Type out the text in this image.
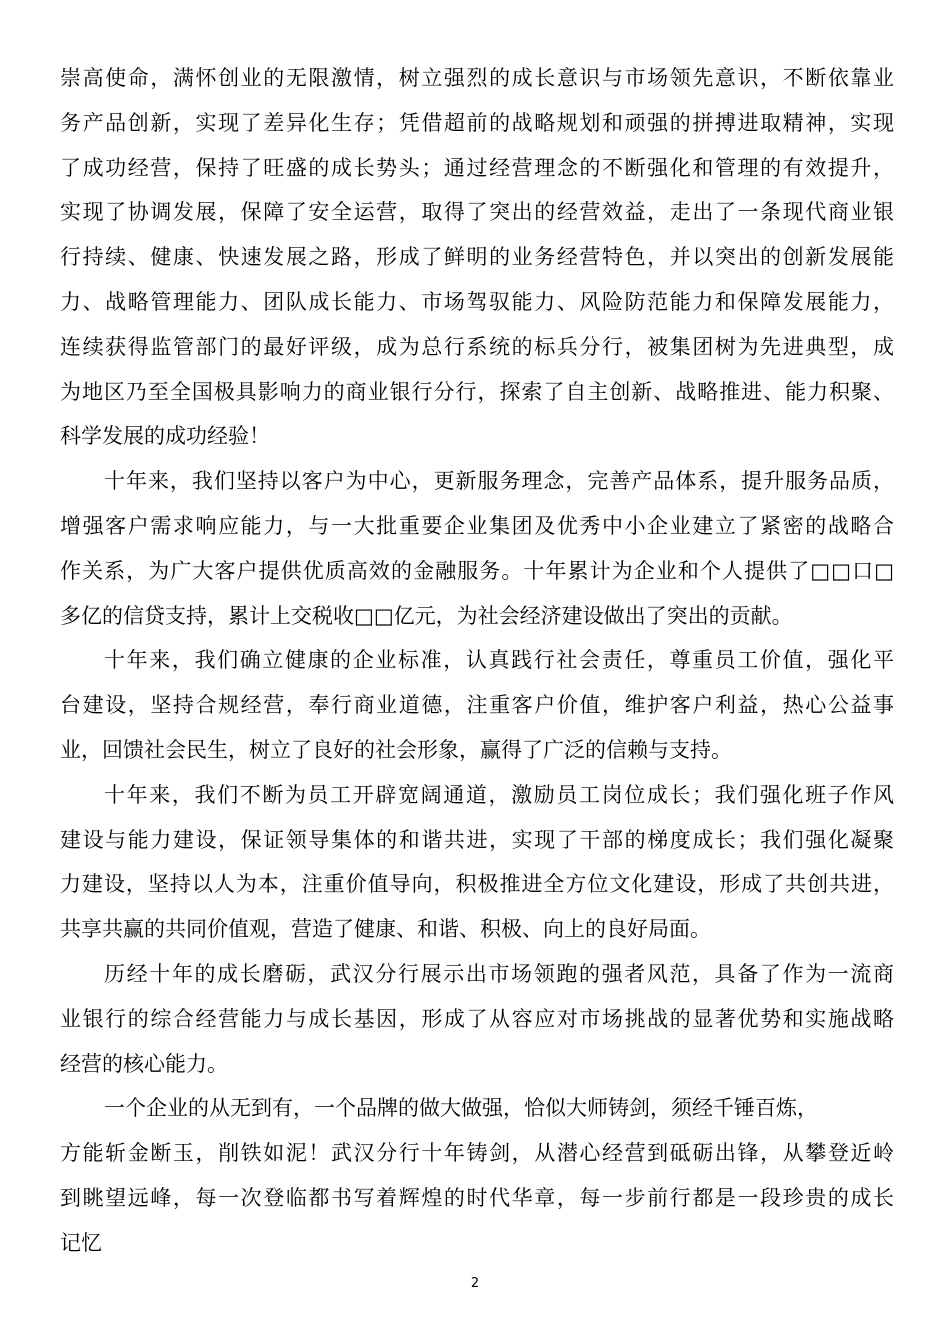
崇高使命，满怀创业的无限激情，树立强烈的成长意识与市场领先意识，不断依靠业
务产品创新，实现了差异化生存；凭借超前的战略规划和顽强的拼搏进取精神，实现
了成功经营，保持了旺盛的成长势头；通过经营理念的不断强化和管理的有效提升，
实现了协调发展，保障了安全运营，取得了突出的经营效益，走出了一条现代商业银
行持续、健康、快速发展之路，形成了鲜明的业务经营特色，并以突出的创新发展能
力、战略管理能力、团队成长能力、市场驾驭能力、风险防范能力和保障发展能力，
连续获得监管部门的最好评级，成为总行系统的标兵分行，被集团树为先进典型，成
为地区乃至全国极具影响力的商业银行分行，探索了自主创新、战略推进、能力积聚、
科学发展的成功经验！
十年来，我们坚持以客户为中心，更新服务理念，完善产品体系，提升服务品质，
增强客户需求响应能力，与一大批重要企业集团及优秀中小企业建立了紧密的战略合
作关系，为广大客户提供优质高效的金融服务。十年累计为企业和个人提供了□□口□
多亿的信贷支持，累计上交税收□□亿元，为社会经济建设做出了突出的贡献。
十年来，我们确立健康的企业标准，认真践行社会责任，尊重员工价值，强化平
台建设，坚持合规经营，奉行商业道德，注重客户价值，维护客户利益，热心公益事
业，回馈社会民生，树立了良好的社会形象，赢得了广泛的信赖与支持。
十年来，我们不断为员工开辟宽阔通道，激励员工岗位成长；我们强化班子作风
建设与能力建设，保证领导集体的和谐共进，实现了干部的梯度成长；我们强化凝聚
力建设，坚持以人为本，注重价值导向，积极推进全方位文化建设，形成了共创共进，
共享共赢的共同价值观，营造了健康、和谐、积极、向上的良好局面。
历经十年的成长磨砺，武汉分行展示出市场领跑的强者风范，具备了作为一流商
业银行的综合经营能力与成长基因，形成了从容应对市场挑战的显著优势和实施战略
经营的核心能力。
一个企业的从无到有，一个品牌的做大做强，恰似大师铸剑，须经千锤百炼，
方能斩金断玉，削铁如泥！武汉分行十年铸剑，从潜心经营到砥砺出锋，从攀登近岭
到眺望远峰，每一次登临都书写着辉煌的时代华章，每一步前行都是一段珍贵的成长
记忆
2
